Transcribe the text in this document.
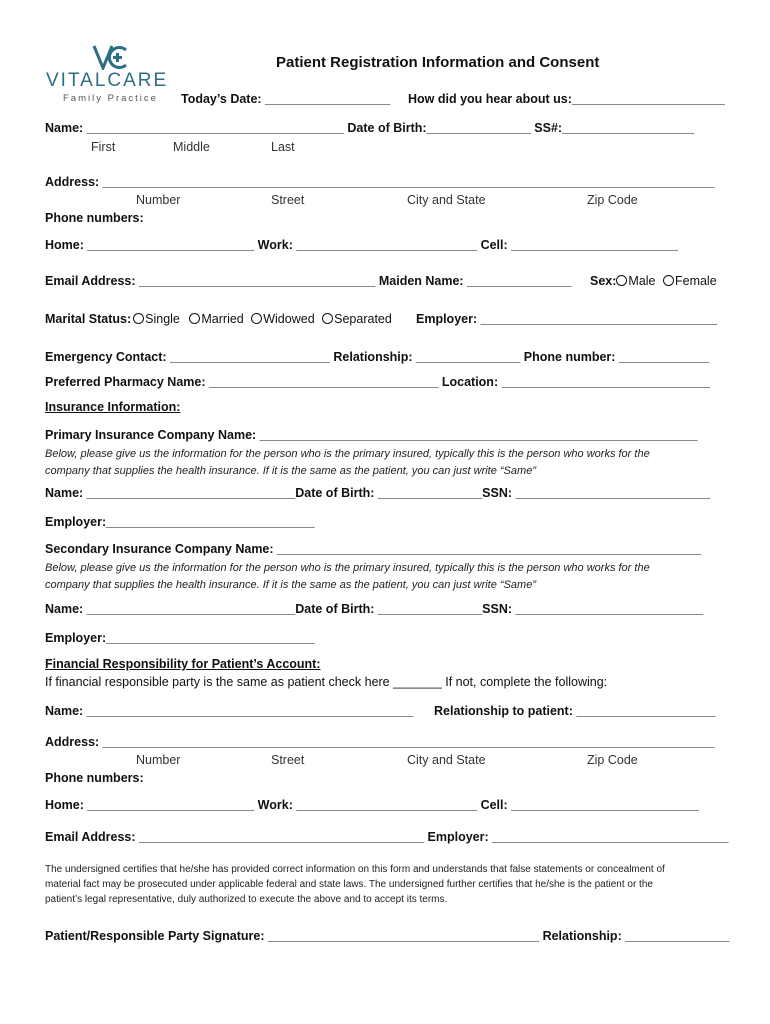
VITALCARE
Family Practice
Patient Registration Information and Consent
Today’s Date: __________________ How did you hear about us:______________________
Name: _____________________________________ Date of Birth:_______________ SS#:___________________
First	Middle	Last
Address: ________________________________________________________________________________________
Number	Street	City and State	Zip Code
Phone numbers:
Home: ________________________ Work: __________________________ Cell: ________________________
Email Address: __________________________________ Maiden Name: _______________ Sex: Male Female
Marital Status: Single Married Widowed Separated Employer: __________________________________
Emergency Contact: _______________________ Relationship: _______________ Phone number: _____________
Preferred Pharmacy Name: _________________________________ Location: ______________________________
Insurance Information:
Primary Insurance Company Name: _______________________________________________________________
Below, please give us the information for the person who is the primary insured, typically this is the person who works for the
company that supplies the health insurance. If it is the same as the patient, you can just write “Same”
Name: ______________________________Date of Birth: _______________SSN: ____________________________
Employer:______________________________
Secondary Insurance Company Name: _____________________________________________________________
Below, please give us the information for the person who is the primary insured, typically this is the person who works for the
company that supplies the health insurance. If it is the same as the patient, you can just write “Same”
Name: ______________________________Date of Birth: _______________SSN: ___________________________
Employer:______________________________
Financial Responsibility for Patient’s Account:
If financial responsible party is the same as patient check here _______ If not, complete the following:
Name: _______________________________________________ Relationship to patient: ____________________
Address: ________________________________________________________________________________________
Number	Street	City and State	Zip Code
Phone numbers:
Home: ________________________ Work: __________________________ Cell: ___________________________
Email Address: _________________________________________ Employer: __________________________________
The undersigned certifies that he/she has provided correct information on this form and understands that false statements or concealment of
material fact may be prosecuted under applicable federal and state laws. The undersigned further certifies that he/she is the patient or the
patient’s legal representative, duly authorized to execute the above and to accept its terms.
Patient/Responsible Party Signature: _______________________________________ Relationship: _______________
